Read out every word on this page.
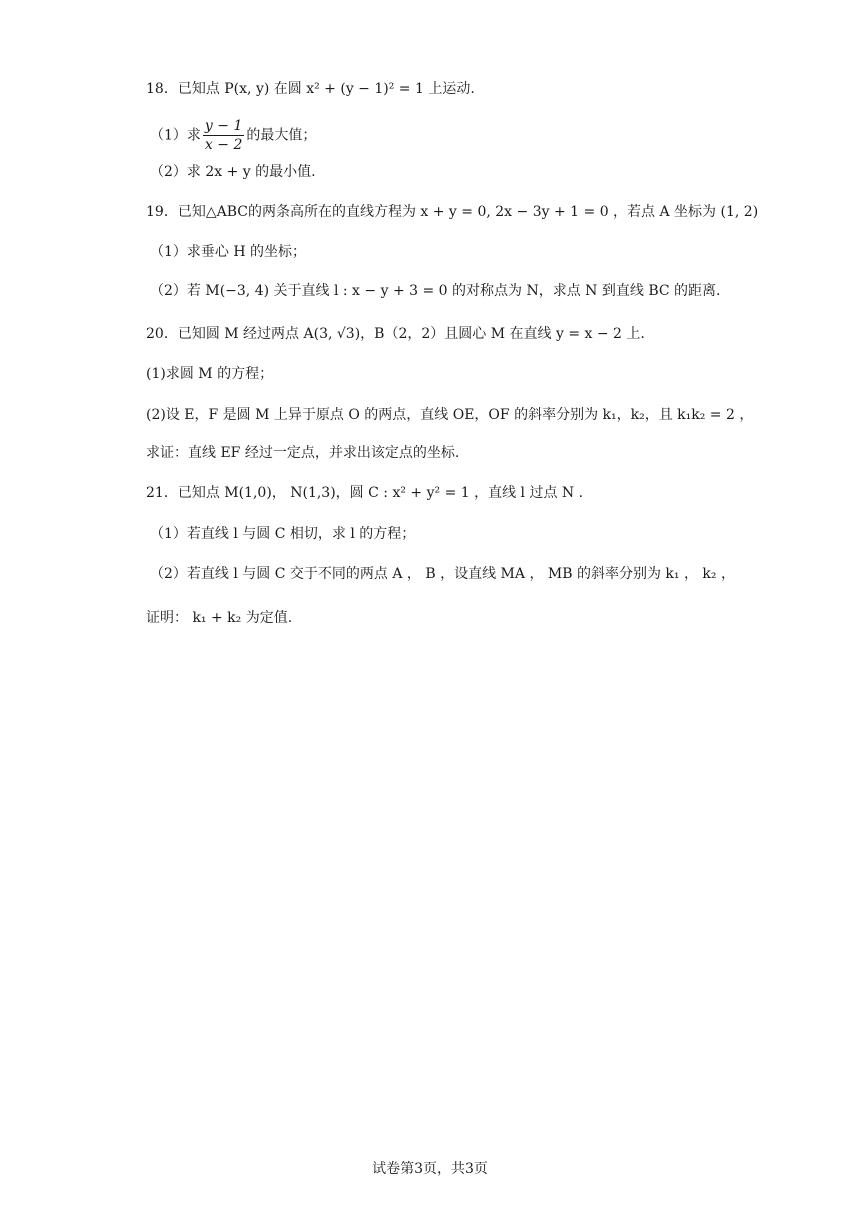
18．已知点 P(x, y) 在圆 x² + (y − 1)² = 1 上运动.
（1）求 $\frac{y - 1}{x - 2}$ 的最大值；
（2）求 2x + y 的最小值.
19．已知△ABC的两条高所在的直线方程为 x + y = 0, 2x − 3y + 1 = 0 ，若点 A 坐标为 (1, 2)
（1）求垂心 H 的坐标；
（2）若 M(−3, 4) 关于直线 l : x − y + 3 = 0 的对称点为 N，求点 N 到直线 BC 的距离.
20．已知圆 M 经过两点 A(3, √3)，B（2，2）且圆心 M 在直线 y = x − 2 上.
(1)求圆 M 的方程；
(2)设 E，F 是圆 M 上异于原点 O 的两点，直线 OE，OF 的斜率分别为 k₁，k₂，且 k₁k₂ = 2 ，
求证：直线 EF 经过一定点，并求出该定点的坐标.
21．已知点 M(1,0)， N(1,3)，圆 C : x² + y² = 1 ，直线 l 过点 N .
（1）若直线 l 与圆 C 相切，求 l 的方程；
（2）若直线 l 与圆 C 交于不同的两点 A ， B ，设直线 MA ， MB 的斜率分别为 k₁ ， k₂ ，
证明： k₁ + k₂ 为定值.
试卷第3页，共3页
